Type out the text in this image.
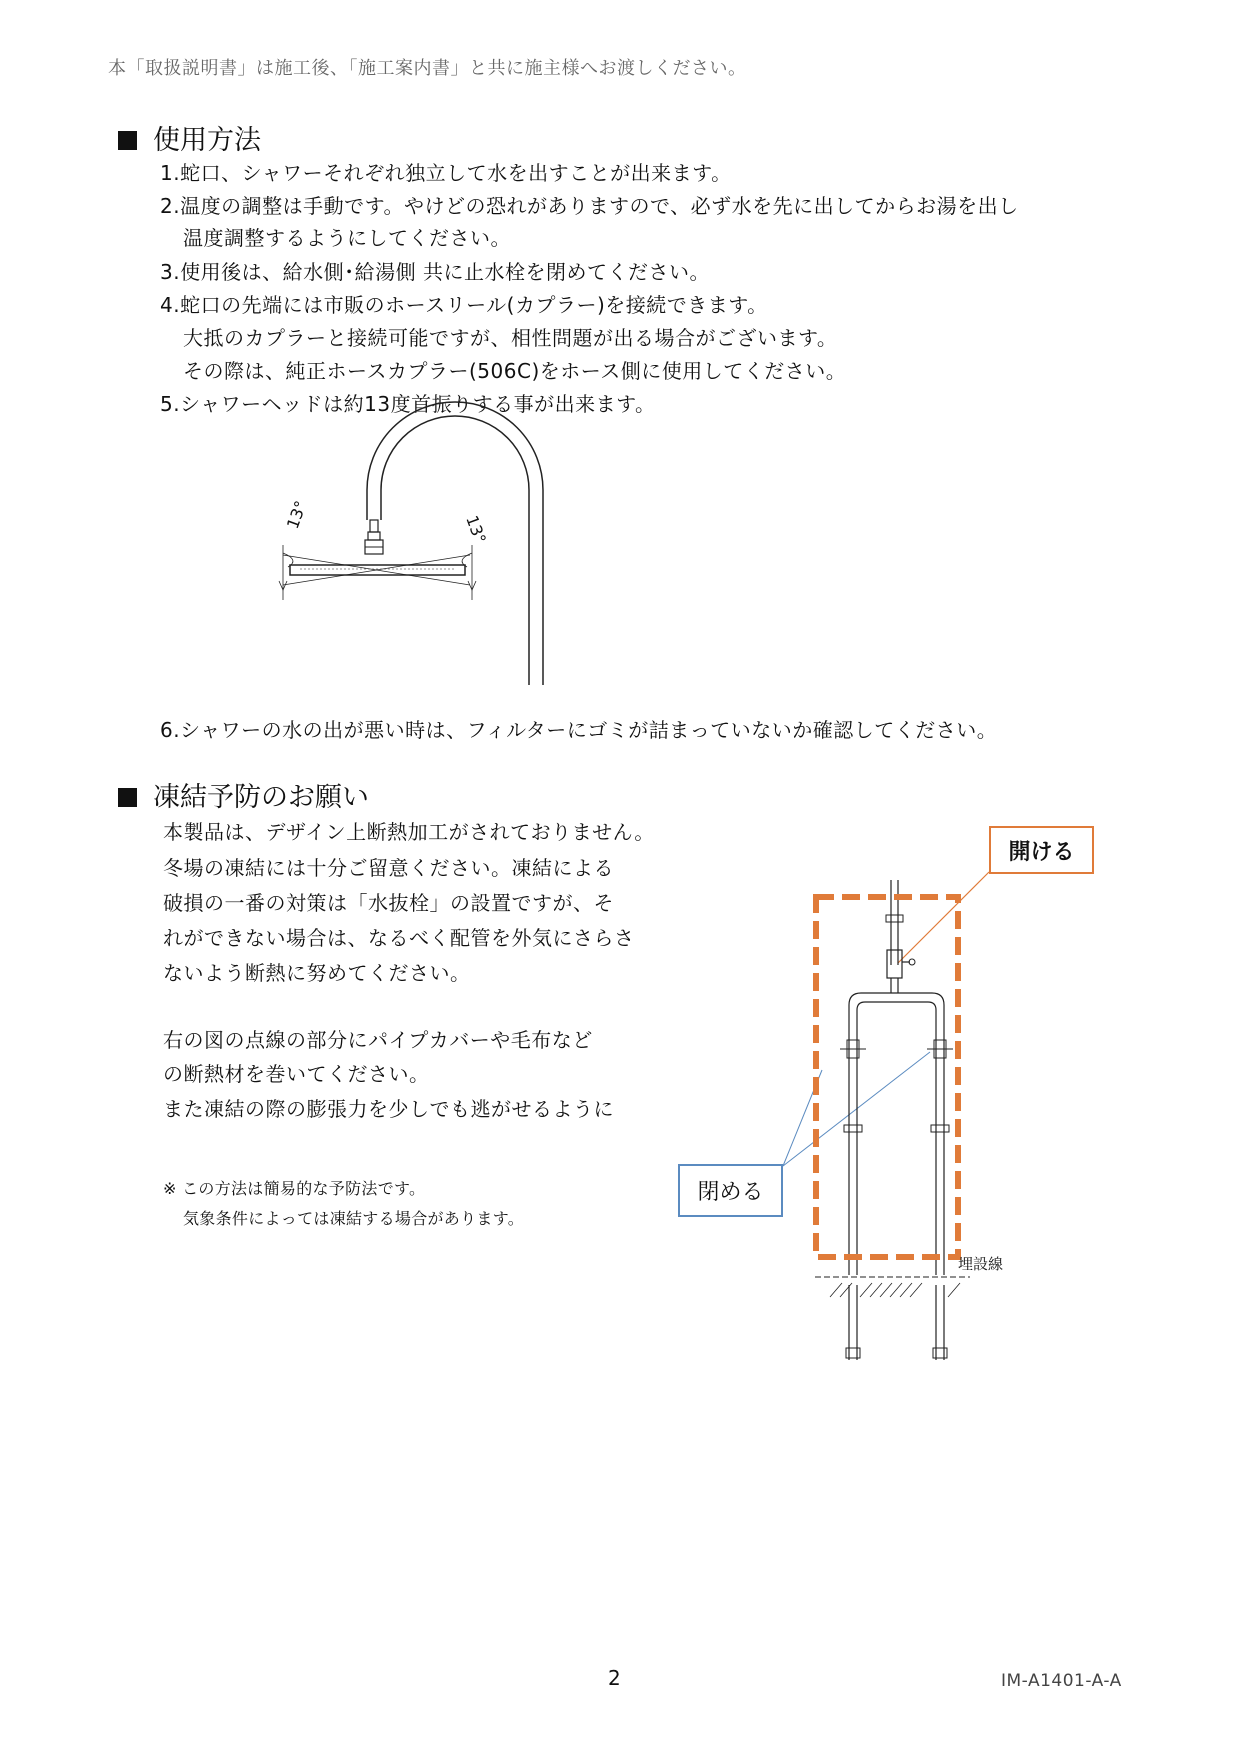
本「取扱説明書」は施工後、「施工案内書」と共に施主様へお渡しください。
使用方法
1.蛇口、シャワーそれぞれ独立して水を出すことが出来ます。
2.温度の調整は手動です。やけどの恐れがありますので、必ず水を先に出してからお湯を出し
温度調整するようにしてください。
3.使用後は、給水側･給湯側 共に止水栓を閉めてください。
4.蛇口の先端には市販のホースリール(カプラー)を接続できます。
大抵のカプラーと接続可能ですが、相性問題が出る場合がございます。
その際は、純正ホースカプラー(506C)をホース側に使用してください。
5.シャワーヘッドは約13度首振りする事が出来ます。
13°	13°
6.シャワーの水の出が悪い時は、フィルターにゴミが詰まっていないか確認してください。
凍結予防のお願い
本製品は、デザイン上断熱加工がされておりません。
冬場の凍結には十分ご留意ください。凍結による
破損の一番の対策は「水抜栓」の設置ですが、そ
れができない場合は、なるべく配管を外気にさらさ
ないよう断熱に努めてください。
右の図の点線の部分にパイプカバーや毛布など
の断熱材を巻いてください。
また凍結の際の膨張力を少しでも逃がせるように
※ この方法は簡易的な予防法です。
気象条件によっては凍結する場合があります。
開ける
閉める
埋設線
2	IM-A1401-A-A
